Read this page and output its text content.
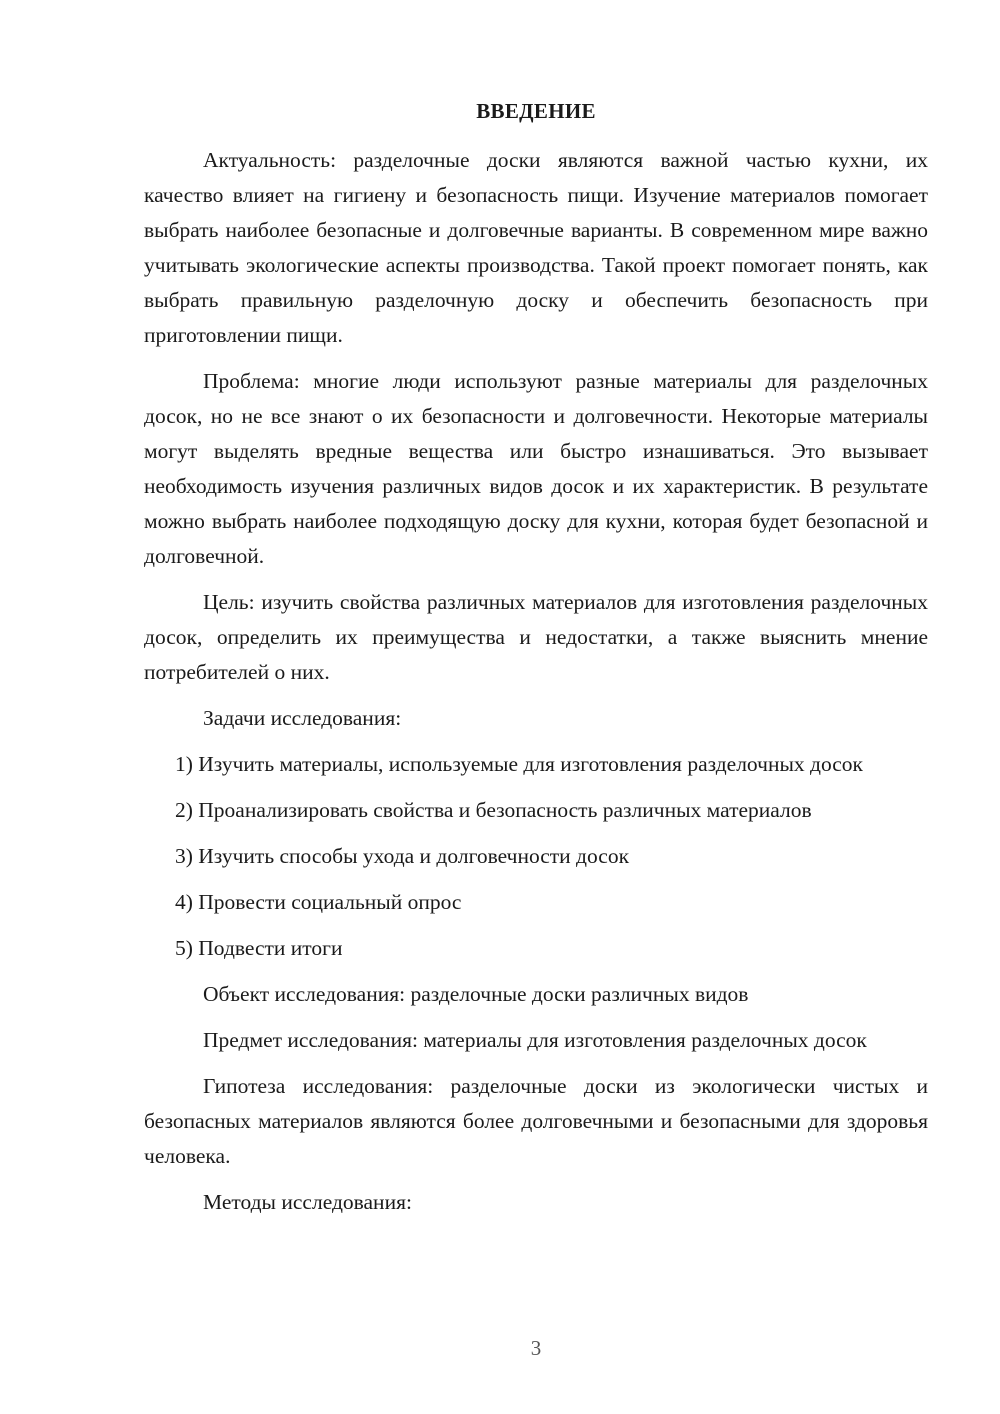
ВВЕДЕНИЕ

Актуальность: разделочные доски являются важной частью кухни, их качество влияет на гигиену и безопасность пищи. Изучение материалов помогает выбрать наиболее безопасные и долговечные варианты. В современном мире важно учитывать экологические аспекты производства. Такой проект помогает понять, как выбрать правильную разделочную доску и обеспечить безопасность при приготовлении пищи.

Проблема: многие люди используют разные материалы для разделочных досок, но не все знают о их безопасности и долговечности. Некоторые материалы могут выделять вредные вещества или быстро изнашиваться. Это вызывает необходимость изучения различных видов досок и их характеристик. В результате можно выбрать наиболее подходящую доску для кухни, которая будет безопасной и долговечной.

Цель: изучить свойства различных материалов для изготовления разделочных досок, определить их преимущества и недостатки, а также выяснить мнение потребителей о них.

Задачи исследования:

1) Изучить материалы, используемые для изготовления разделочных досок

2) Проанализировать свойства и безопасность различных материалов

3) Изучить способы ухода и долговечности досок

4) Провести социальный опрос

5) Подвести итоги

Объект исследования: разделочные доски различных видов

Предмет исследования: материалы для изготовления разделочных досок

Гипотеза исследования: разделочные доски из экологически чистых и безопасных материалов являются более долговечными и безопасными для здоровья человека.

Методы исследования:

3
